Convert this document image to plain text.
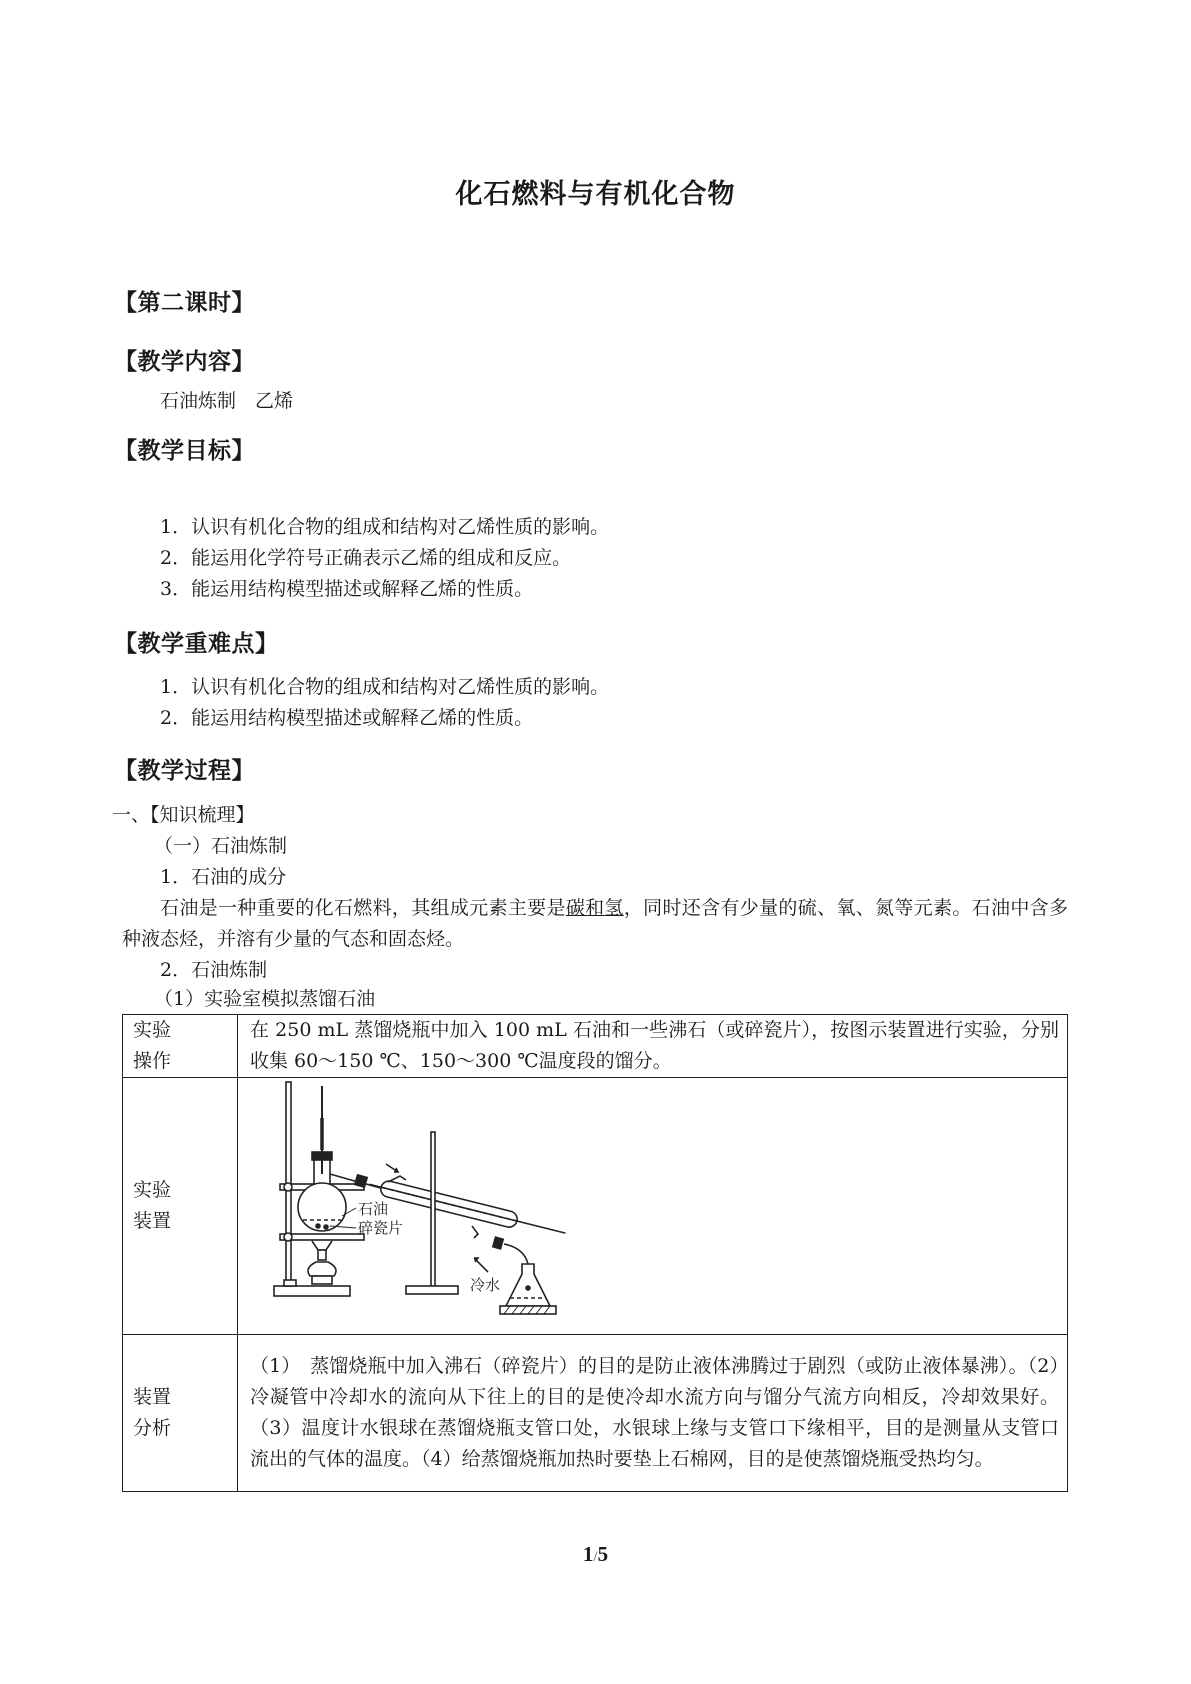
化石燃料与有机化合物
【第二课时】
【教学内容】
石油炼制　乙烯
【教学目标】
1．认识有机化合物的组成和结构对乙烯性质的影响。
2．能运用化学符号正确表示乙烯的组成和反应。
3．能运用结构模型描述或解释乙烯的性质。
【教学重难点】
1．认识有机化合物的组成和结构对乙烯性质的影响。
2．能运用结构模型描述或解释乙烯的性质。
【教学过程】
一、【知识梳理】
（一）石油炼制
1．石油的成分
石油是一种重要的化石燃料，其组成元素主要是碳和氢，同时还含有少量的硫、氧、氮等元素。石油中含多种液态烃，并溶有少量的气态和固态烃。
2．石油炼制
（1）实验室模拟蒸馏石油
实验
操作	在 250 mL 蒸馏烧瓶中加入 100 mL 石油和一些沸石（或碎瓷片），按图示装置进行实验，分别收集 60～150 ℃、150～300 ℃温度段的馏分。

实验
装置

石油
碎瓷片
冷水

装置
分析	（1）　蒸馏烧瓶中加入沸石（碎瓷片）的目的是防止液体沸腾过于剧烈（或防止液体暴沸）。（2）冷凝管中冷却水的流向从下往上的目的是使冷却水流方向与馏分气流方向相反，冷却效果好。（3）温度计水银球在蒸馏烧瓶支管口处，水银球上缘与支管口下缘相平，目的是测量从支管口流出的气体的温度。（4）给蒸馏烧瓶加热时要垫上石棉网，目的是使蒸馏烧瓶受热均匀。
1/5
